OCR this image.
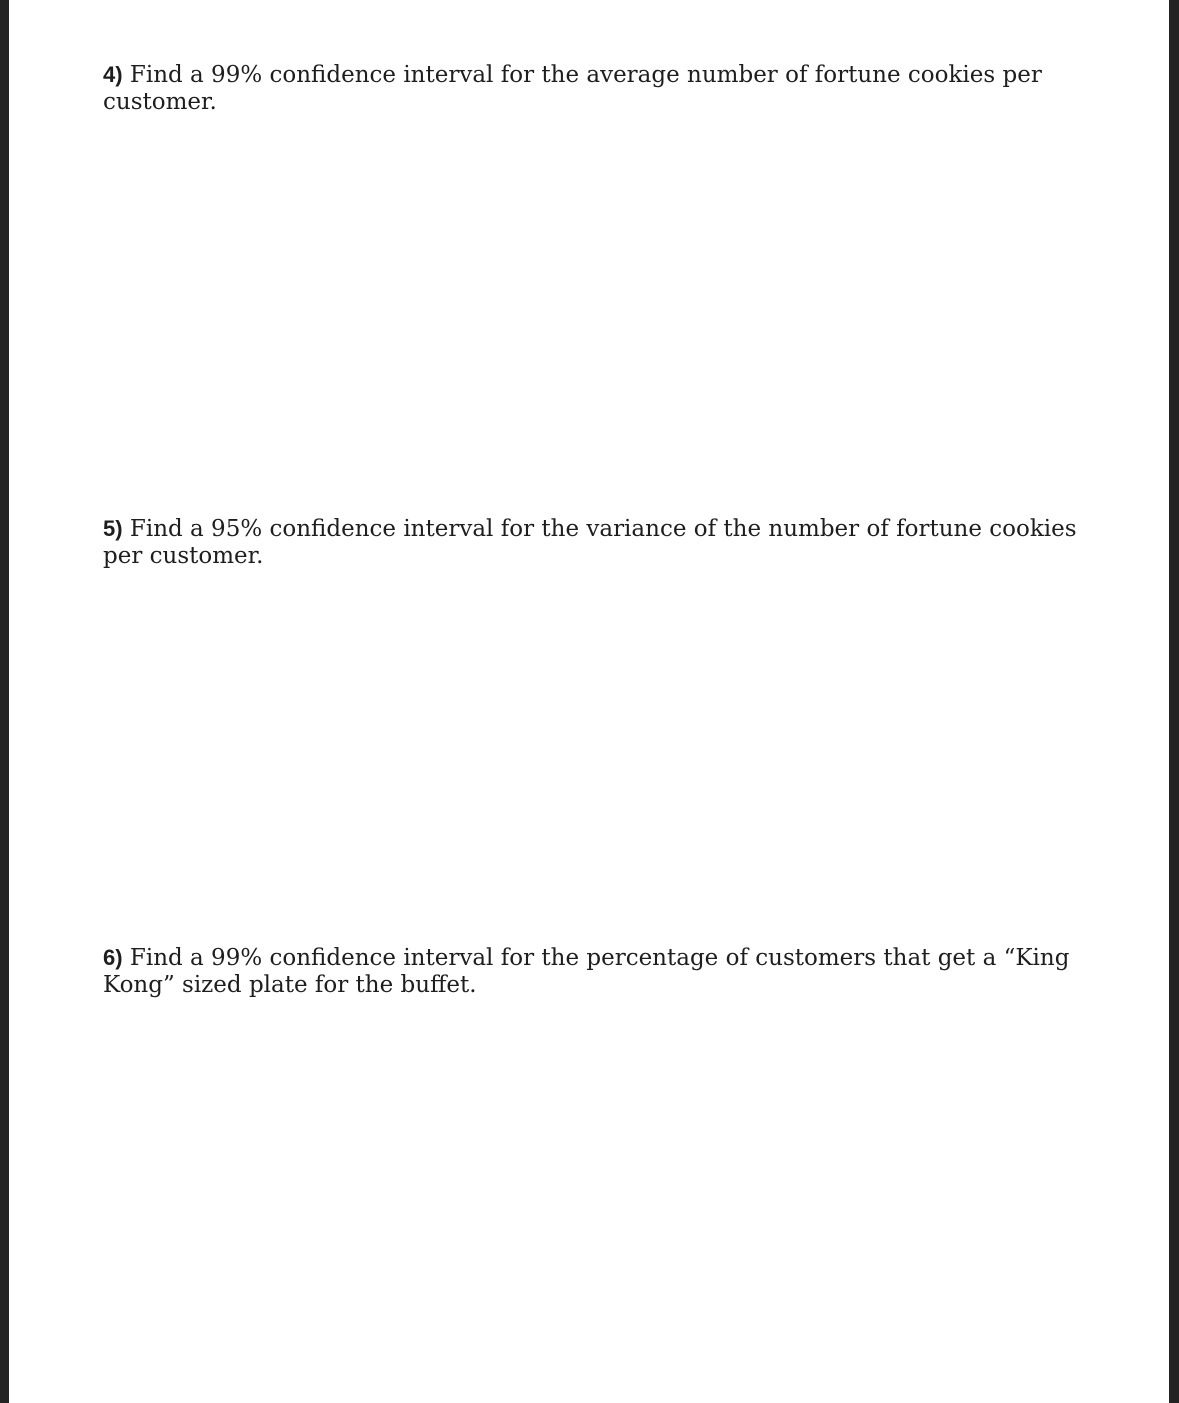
4) Find a 99% confidence interval for the average number of fortune cookies per customer.
5) Find a 95% confidence interval for the variance of the number of fortune cookies per customer.
6) Find a 99% confidence interval for the percentage of customers that get a “King Kong” sized plate for the buffet.
